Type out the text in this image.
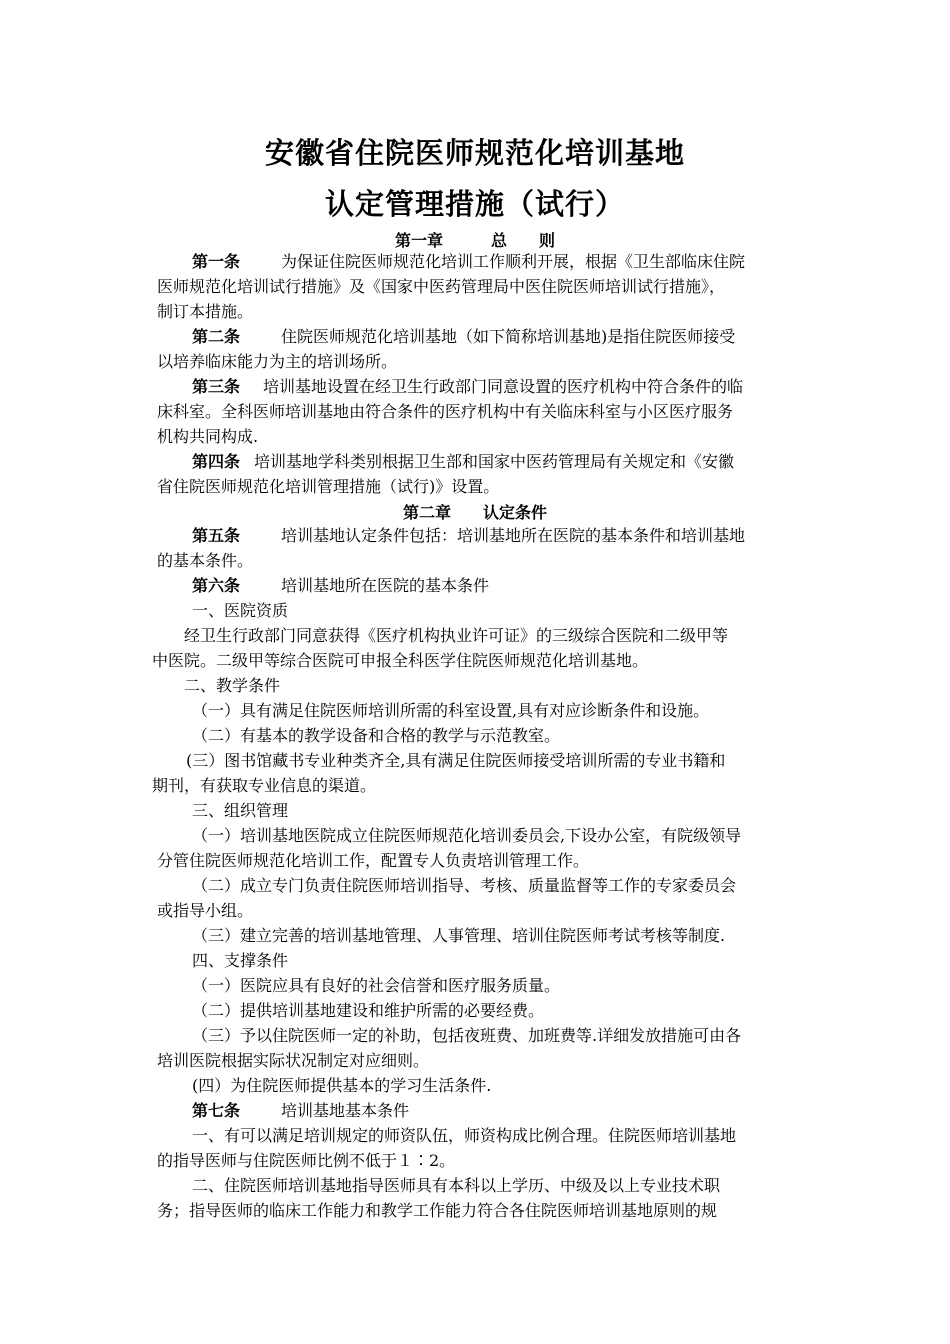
安徽省住院医师规范化培训基地
认定管理措施（试行）
第一章　　　总　　则
第一条	为保证住院医师规范化培训工作顺利开展，根据《卫生部临床住院
医师规范化培训试行措施》及《国家中医药管理局中医住院医师培训试行措施》，
制订本措施。
第二条	住院医师规范化培训基地（如下简称培训基地)是指住院医师接受
以培养临床能力为主的培训场所。
第三条 培训基地设置在经卫生行政部门同意设置的医疗机构中符合条件的临
床科室。全科医师培训基地由符合条件的医疗机构中有关临床科室与小区医疗服务
机构共同构成.
第四条 培训基地学科类别根据卫生部和国家中医药管理局有关规定和《安徽
省住院医师规范化培训管理措施（试行)》设置。
第二章　　认定条件
第五条	培训基地认定条件包括：培训基地所在医院的基本条件和培训基地
的基本条件。
第六条	培训基地所在医院的基本条件
一、医院资质
经卫生行政部门同意获得《医疗机构执业许可证》的三级综合医院和二级甲等
中医院。二级甲等综合医院可申报全科医学住院医师规范化培训基地。
二、教学条件
（一）具有满足住院医师培训所需的科室设置,具有对应诊断条件和设施。
（二）有基本的教学设备和合格的教学与示范教室。
(三）图书馆藏书专业种类齐全,具有满足住院医师接受培训所需的专业书籍和
期刊，有获取专业信息的渠道。
三、组织管理
（一）培训基地医院成立住院医师规范化培训委员会,下设办公室，有院级领导
分管住院医师规范化培训工作，配置专人负责培训管理工作。
（二）成立专门负责住院医师培训指导、考核、质量监督等工作的专家委员会
或指导小组。
（三）建立完善的培训基地管理、人事管理、培训住院医师考试考核等制度.
四、支撑条件
（一）医院应具有良好的社会信誉和医疗服务质量。
（二）提供培训基地建设和维护所需的必要经费。
（三）予以住院医师一定的补助，包括夜班费、加班费等.详细发放措施可由各
培训医院根据实际状况制定对应细则。
(四）为住院医师提供基本的学习生活条件.
第七条	培训基地基本条件
一、有可以满足培训规定的师资队伍，师资构成比例合理。住院医师培训基地
的指导医师与住院医师比例不低于１∶2。
二、住院医师培训基地指导医师具有本科以上学历、中级及以上专业技术职
务；指导医师的临床工作能力和教学工作能力符合各住院医师培训基地原则的规
